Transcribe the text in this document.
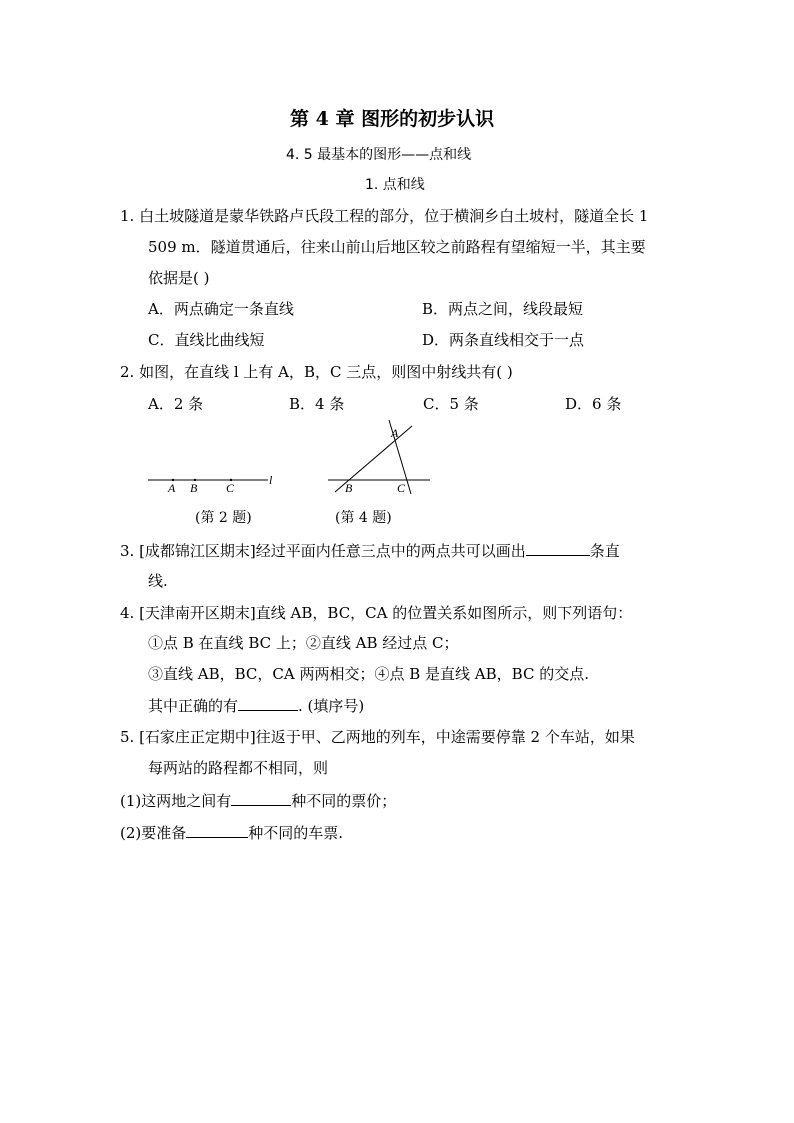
第 4 章 图形的初步认识
4. 5 最基本的图形——点和线
1. 点和线
1. 白土坡隧道是蒙华铁路卢氏段工程的部分，位于横涧乡白土坡村，隧道全长 1
509 m．隧道贯通后，往来山前山后地区较之前路程有望缩短一半，其主要
依据是( )
A．两点确定一条直线	B．两点之间，线段最短
C．直线比曲线短	D．两条直线相交于一点
2. 如图，在直线 l 上有 A，B，C 三点，则图中射线共有( )
A．2 条	B．4 条	C．5 条	D．6 条
A B C
l
A
B	C
(第 2 题)	(第 4 题)
3. [成都锦江区期末]经过平面内任意三点中的两点共可以画出	条直
线.
4. [天津南开区期末]直线 AB，BC，CA 的位置关系如图所示，则下列语句：
①点 B 在直线 BC 上；②直线 AB 经过点 C；
③直线 AB，BC，CA 两两相交；④点 B 是直线 AB，BC 的交点.
其中正确的有	. (填序号)
5. [石家庄正定期中]往返于甲、乙两地的列车，中途需要停靠 2 个车站，如果
每两站的路程都不相同，则
(1)这两地之间有	种不同的票价；
(2)要准备	种不同的车票.
